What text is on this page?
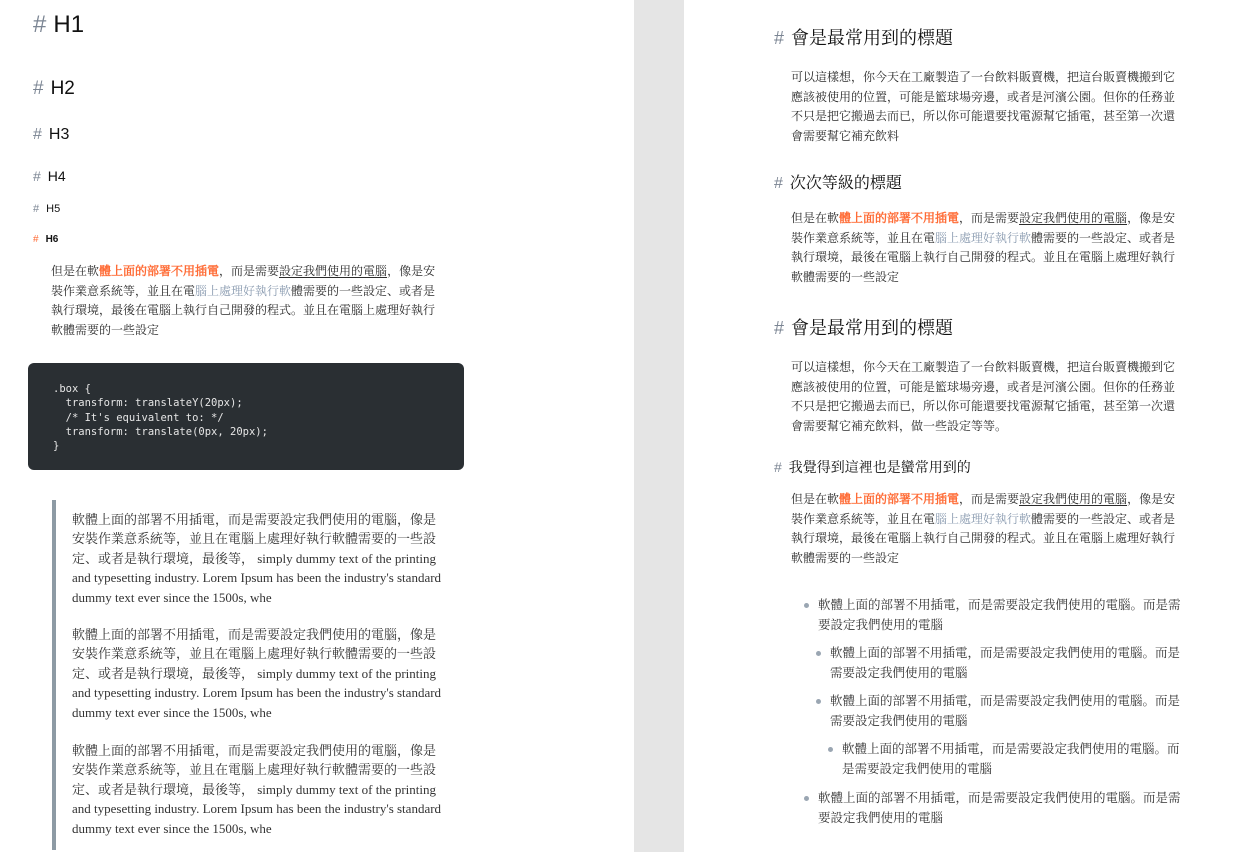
# H1
# H2
# H3
# H4
# H5
# H6

但是在軟體上面的部署不用插電，而是需要設定我們使用的電腦，像是安裝作業意系統等，並且在電腦上處理好執行軟體需要的一些設定、或者是執行環境，最後在電腦上執行自己開發的程式。並且在電腦上處理好執行軟體需要的一些設定

.box {
transform: translateY(20px);
/* It's equivalent to: */
transform: translate(0px, 20px);
}

軟體上面的部署不用插電，而是需要設定我們使用的電腦，像是安裝作業意系統等，並且在電腦上處理好執行軟體需要的一些設定、或者是執行環境，最後等， simply dummy text of the printing and typesetting industry. Lorem Ipsum has been the industry's standard dummy text ever since the 1500s, whe

軟體上面的部署不用插電，而是需要設定我們使用的電腦，像是安裝作業意系統等，並且在電腦上處理好執行軟體需要的一些設定、或者是執行環境，最後等， simply dummy text of the printing and typesetting industry. Lorem Ipsum has been the industry's standard dummy text ever since the 1500s, whe

軟體上面的部署不用插電，而是需要設定我們使用的電腦，像是安裝作業意系統等，並且在電腦上處理好執行軟體需要的一些設定、或者是執行環境，最後等， simply dummy text of the printing and typesetting industry. Lorem Ipsum has been the industry's standard dummy text ever since the 1500s, whe

# 會是最常用到的標題

可以這樣想，你今天在工廠製造了一台飲料販賣機，把這台販賣機搬到它應該被使用的位置，可能是籃球場旁邊，或者是河濱公園。但你的任務並不只是把它搬過去而已，所以你可能還要找電源幫它插電，甚至第一次還會需要幫它補充飲料

# 次次等級的標題

但是在軟體上面的部署不用插電，而是需要設定我們使用的電腦，像是安裝作業意系統等，並且在電腦上處理好執行軟體需要的一些設定、或者是執行環境，最後在電腦上執行自己開發的程式。並且在電腦上處理好執行軟體需要的一些設定

# 會是最常用到的標題

可以這樣想，你今天在工廠製造了一台飲料販賣機，把這台販賣機搬到它應該被使用的位置，可能是籃球場旁邊，或者是河濱公園。但你的任務並不只是把它搬過去而已，所以你可能還要找電源幫它插電，甚至第一次還會需要幫它補充飲料，做一些設定等等。

# 我覺得到這裡也是蠻常用到的

但是在軟體上面的部署不用插電，而是需要設定我們使用的電腦，像是安裝作業意系統等，並且在電腦上處理好執行軟體需要的一些設定、或者是執行環境，最後在電腦上執行自己開發的程式。並且在電腦上處理好執行軟體需要的一些設定

軟體上面的部署不用插電，而是需要設定我們使用的電腦。而是需要設定我們使用的電腦
軟體上面的部署不用插電，而是需要設定我們使用的電腦。而是需要設定我們使用的電腦
軟體上面的部署不用插電，而是需要設定我們使用的電腦。而是需要設定我們使用的電腦
軟體上面的部署不用插電，而是需要設定我們使用的電腦。而是需要設定我們使用的電腦
軟體上面的部署不用插電，而是需要設定我們使用的電腦。而是需要設定我們使用的電腦
